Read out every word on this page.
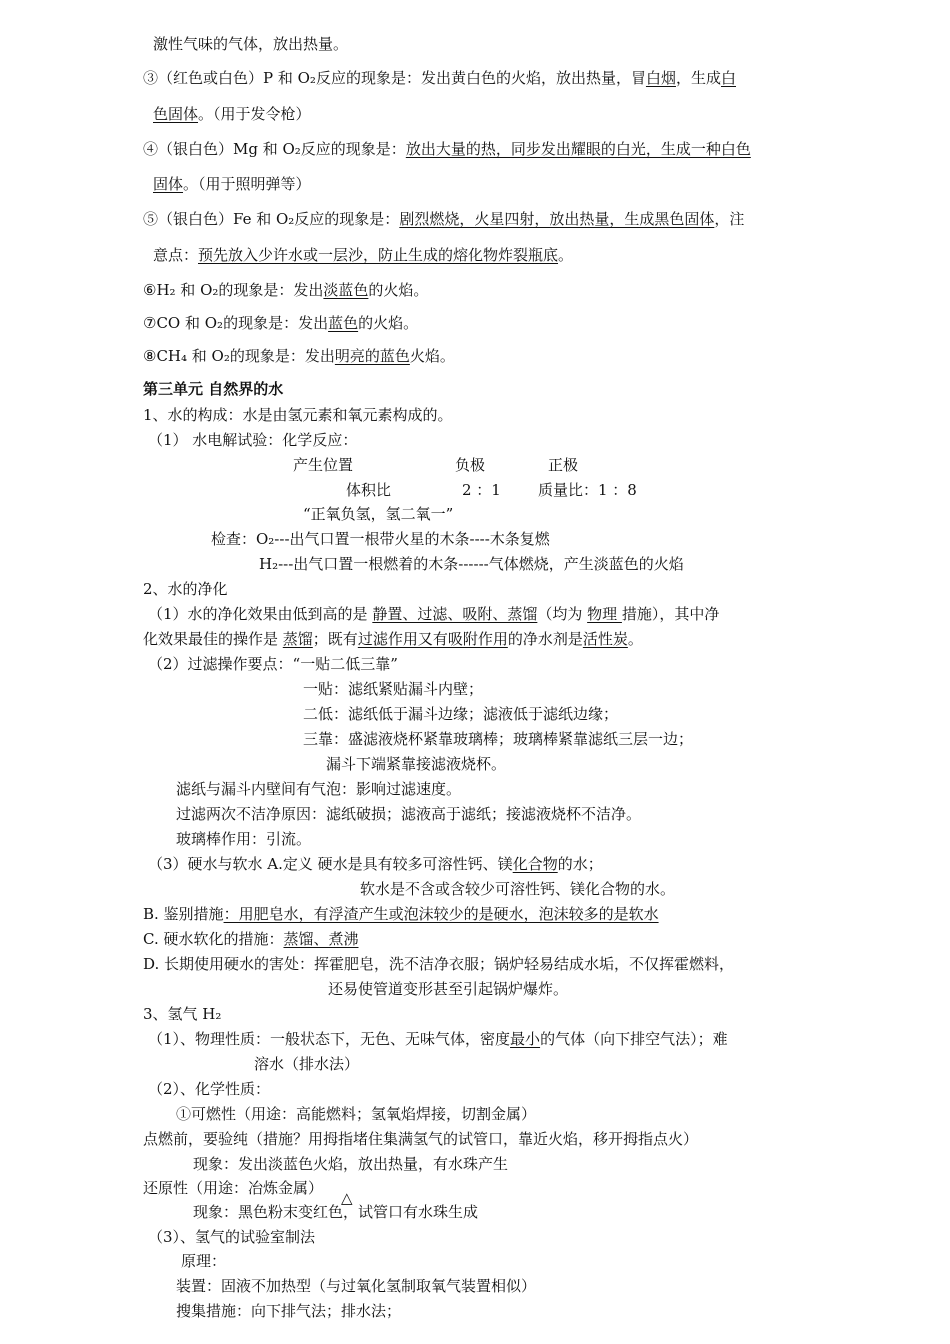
激性气味的气体，放出热量。
③（红色或白色）P 和 O₂反应的现象是：发出黄白色的火焰，放出热量，冒白烟，生成白
色固体。（用于发令枪）
④（银白色）Mg 和 O₂反应的现象是：放出大量的热，同步发出耀眼的白光，生成一种白色
固体。（用于照明弹等）
⑤（银白色）Fe 和 O₂反应的现象是：剧烈燃烧，火星四射，放出热量，生成黑色固体，注
意点：预先放入少许水或一层沙，防止生成的熔化物炸裂瓶底。
⑥H₂ 和 O₂的现象是：发出淡蓝色的火焰。
⑦CO 和 O₂的现象是：发出蓝色的火焰。
⑧CH₄ 和 O₂的现象是：发出明亮的蓝色火焰。
第三单元 自然界的水
1、水的构成：水是由氢元素和氧元素构成的。
（1） 水电解试验：化学反应：
产生位置	负极	正极
体积比	2 ：1 质量比：1 ：8
“正氧负氢，氢二氧一”
检查：O₂---出气口置一根带火星的木条----木条复燃
H₂---出气口置一根燃着的木条------气体燃烧，产生淡蓝色的火焰
2、水的净化
（1）水的净化效果由低到高的是 静置、过滤、吸附、蒸馏（均为 物理 措施），其中净
化效果最佳的操作是 蒸馏；既有过滤作用又有吸附作用的净水剂是活性炭。
（2）过滤操作要点：“一贴二低三靠”
一贴：滤纸紧贴漏斗内壁；
二低：滤纸低于漏斗边缘；滤液低于滤纸边缘；
三靠：盛滤液烧杯紧靠玻璃棒；玻璃棒紧靠滤纸三层一边；
漏斗下端紧靠接滤液烧杯。
滤纸与漏斗内壁间有气泡：影响过滤速度。
过滤两次不洁净原因：滤纸破损；滤液高于滤纸；接滤液烧杯不洁净。
玻璃棒作用：引流。
（3）硬水与软水 A.定义 硬水是具有较多可溶性钙、镁化合物的水；
软水是不含或含较少可溶性钙、镁化合物的水。
B. 鉴别措施：用肥皂水，有浮渣产生或泡沫较少的是硬水，泡沫较多的是软水
C. 硬水软化的措施：蒸馏、煮沸
D. 长期使用硬水的害处：挥霍肥皂，洗不洁净衣服；锅炉轻易结成水垢，不仅挥霍燃料，
还易使管道变形甚至引起锅炉爆炸。
3、氢气 H₂
（1）、物理性质：一般状态下，无色、无味气体，密度最小的气体（向下排空气法）；难
溶水（排水法）
（2）、化学性质：
①可燃性（用途：高能燃料；氢氧焰焊接，切割金属）
点燃前，要验纯（措施？用拇指堵住集满氢气的试管口，靠近火焰，移开拇指点火）
现象：发出淡蓝色火焰，放出热量，有水珠产生
还原性（用途：冶炼金属）
△
现象：黑色粉末变红色，试管口有水珠生成
（3）、氢气的试验室制法
原理：
装置：固液不加热型（与过氧化氢制取氧气装置相似）
搜集措施：向下排气法；排水法；
